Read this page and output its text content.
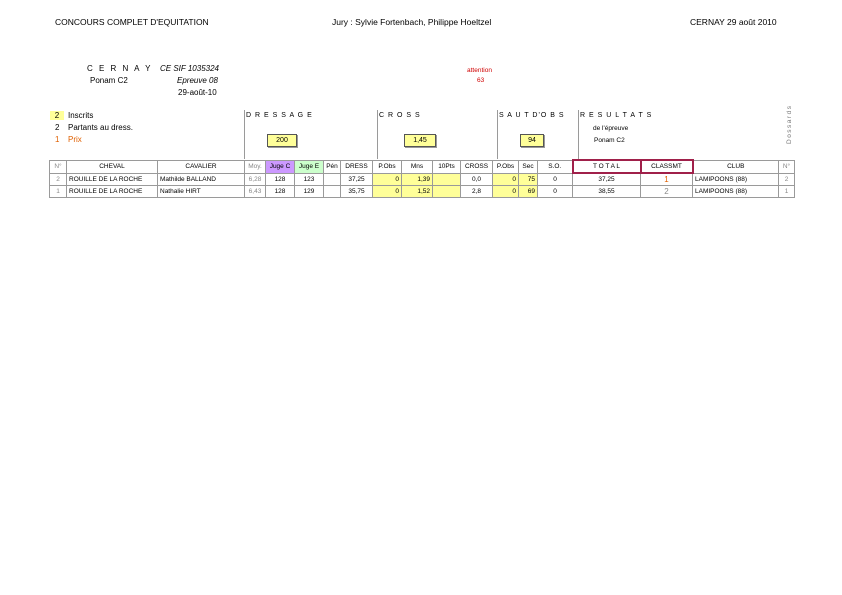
CONCOURS COMPLET D'EQUITATION	Jury : Sylvie Fortenbach, Philippe Hoeltzel	CERNAY 29 août 2010
C E R N A Y
Ponam C2
CE SIF 1035324
Epreuve 08
29-août-10
attention
63
2	Inscrits
2 Partants au dress.
1 Prix
D R E S S A G E	C R O S S	S A U T D'O B S R E S U L T A T S
de l'épreuve
Ponam C2	Dossards
200	1,45	94
N°	CHEVAL	CAVALIER	Moy.	Juge C	Juge E	Pén	DRESS	P.Obs	Mns	10Pts	CROSS	P.Obs	Sec	S.O.	T O T A L	CLASSMT	CLUB	N°
2	ROUILLE DE LA ROCHE	Mathilde BALLAND	6,28	128	123		37,25	0	1,39		0,0	0	75	0	37,25	1	LAMIPOONS (88)	2
1	ROUILLE DE LA ROCHE	Nathalie HIRT	6,43	128	129		35,75	0	1,52		2,8	0	69	0	38,55	2	LAMIPOONS (88)	1
